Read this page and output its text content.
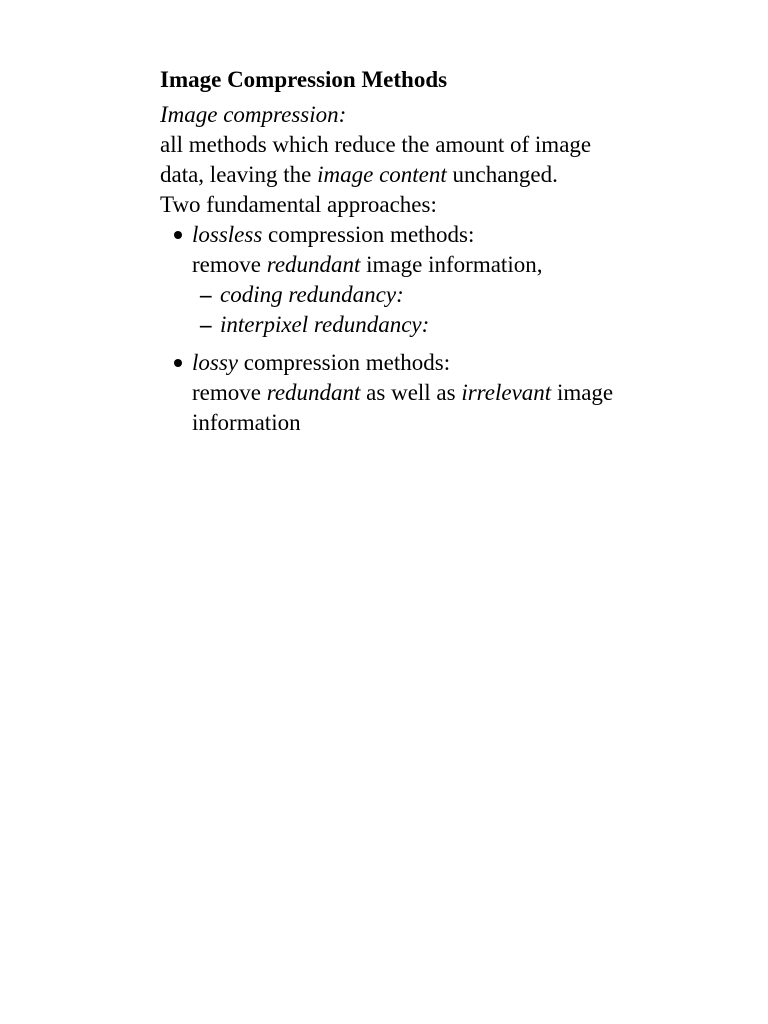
Image Compression Methods
Image compression:
all methods which reduce the amount of image
data, leaving the image content unchanged.
Two fundamental approaches:
lossless compression methods:
remove redundant image information,
– coding redundancy:
– interpixel redundancy:
lossy compression methods:
remove redundant as well as irrelevant image
information
